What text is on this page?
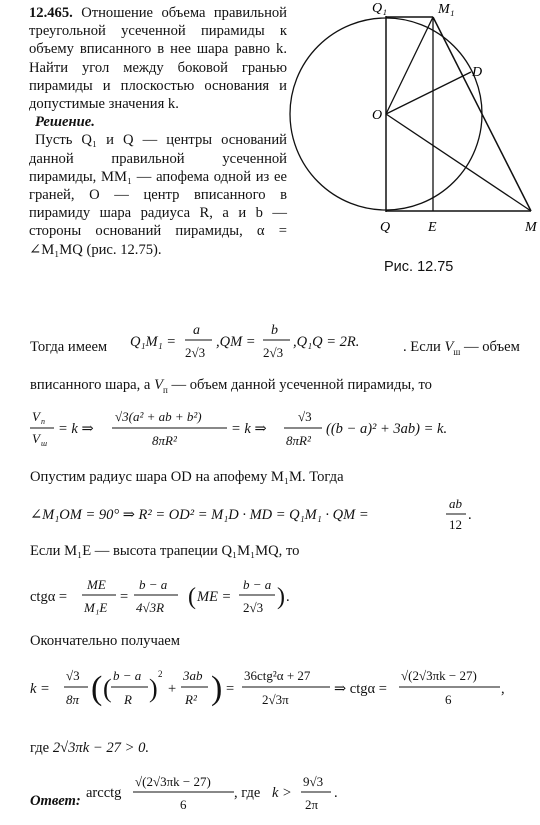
12.465. Отношение объема правильной треугольной усеченной пирамиды к объему вписанного в нее шара равно k. Найти угол между боковой гранью пирамиды и плоскостью основания и допустимые значения k.

Решение.

Пусть Q₁ и Q — центры оснований данной правильной усеченной пирамиды, MM₁ — апофема одной из ее граней, O — центр вписанного в пирамиду шара радиуса R, a и b — стороны оснований пирамиды, α = ∠M₁MQ (рис. 12.75).

Q₁	M₁
D
O
Q	E	M
Рис. 12.75
Тогда имеем Q₁M₁ =
a
2√3
,QM =
b
2√3
,Q₁Q = 2R.	. Если $V_ш$ — объем
вписанного шара, а $V_п$ — объем данной усеченной пирамиды, то
V п
V ш
= k ⇒
√3(a² + ab + b²)
8πR²
= k ⇒
√3
8πR²
((b − a)² + 3ab) = k.
Опустим радиус шара OD на апофему M₁M. Тогда
∠M₁OM = 90° ⇒ R² = OD² = M₁D · MD = Q₁M₁ · QM =
ab
12
.
Если M₁E — высота трапеции Q₁M₁MQ, то
ctgα =
ME
M₁E
=
b − a
4√3R ( ME =
b − a
2√3 ) .
Окончательно получаем
k =
√3
8π ( ( b − a
R ) 2
+
3ab
R² ) =
36ctg²α + 27
2√3π
⇒ ctgα =
√(2√3πk − 27)
6
,
где 2√3πk − 27 > 0.
Ответ: arcctg
√(2√3πk − 27)
6
, где k >
9√3
2π
.
